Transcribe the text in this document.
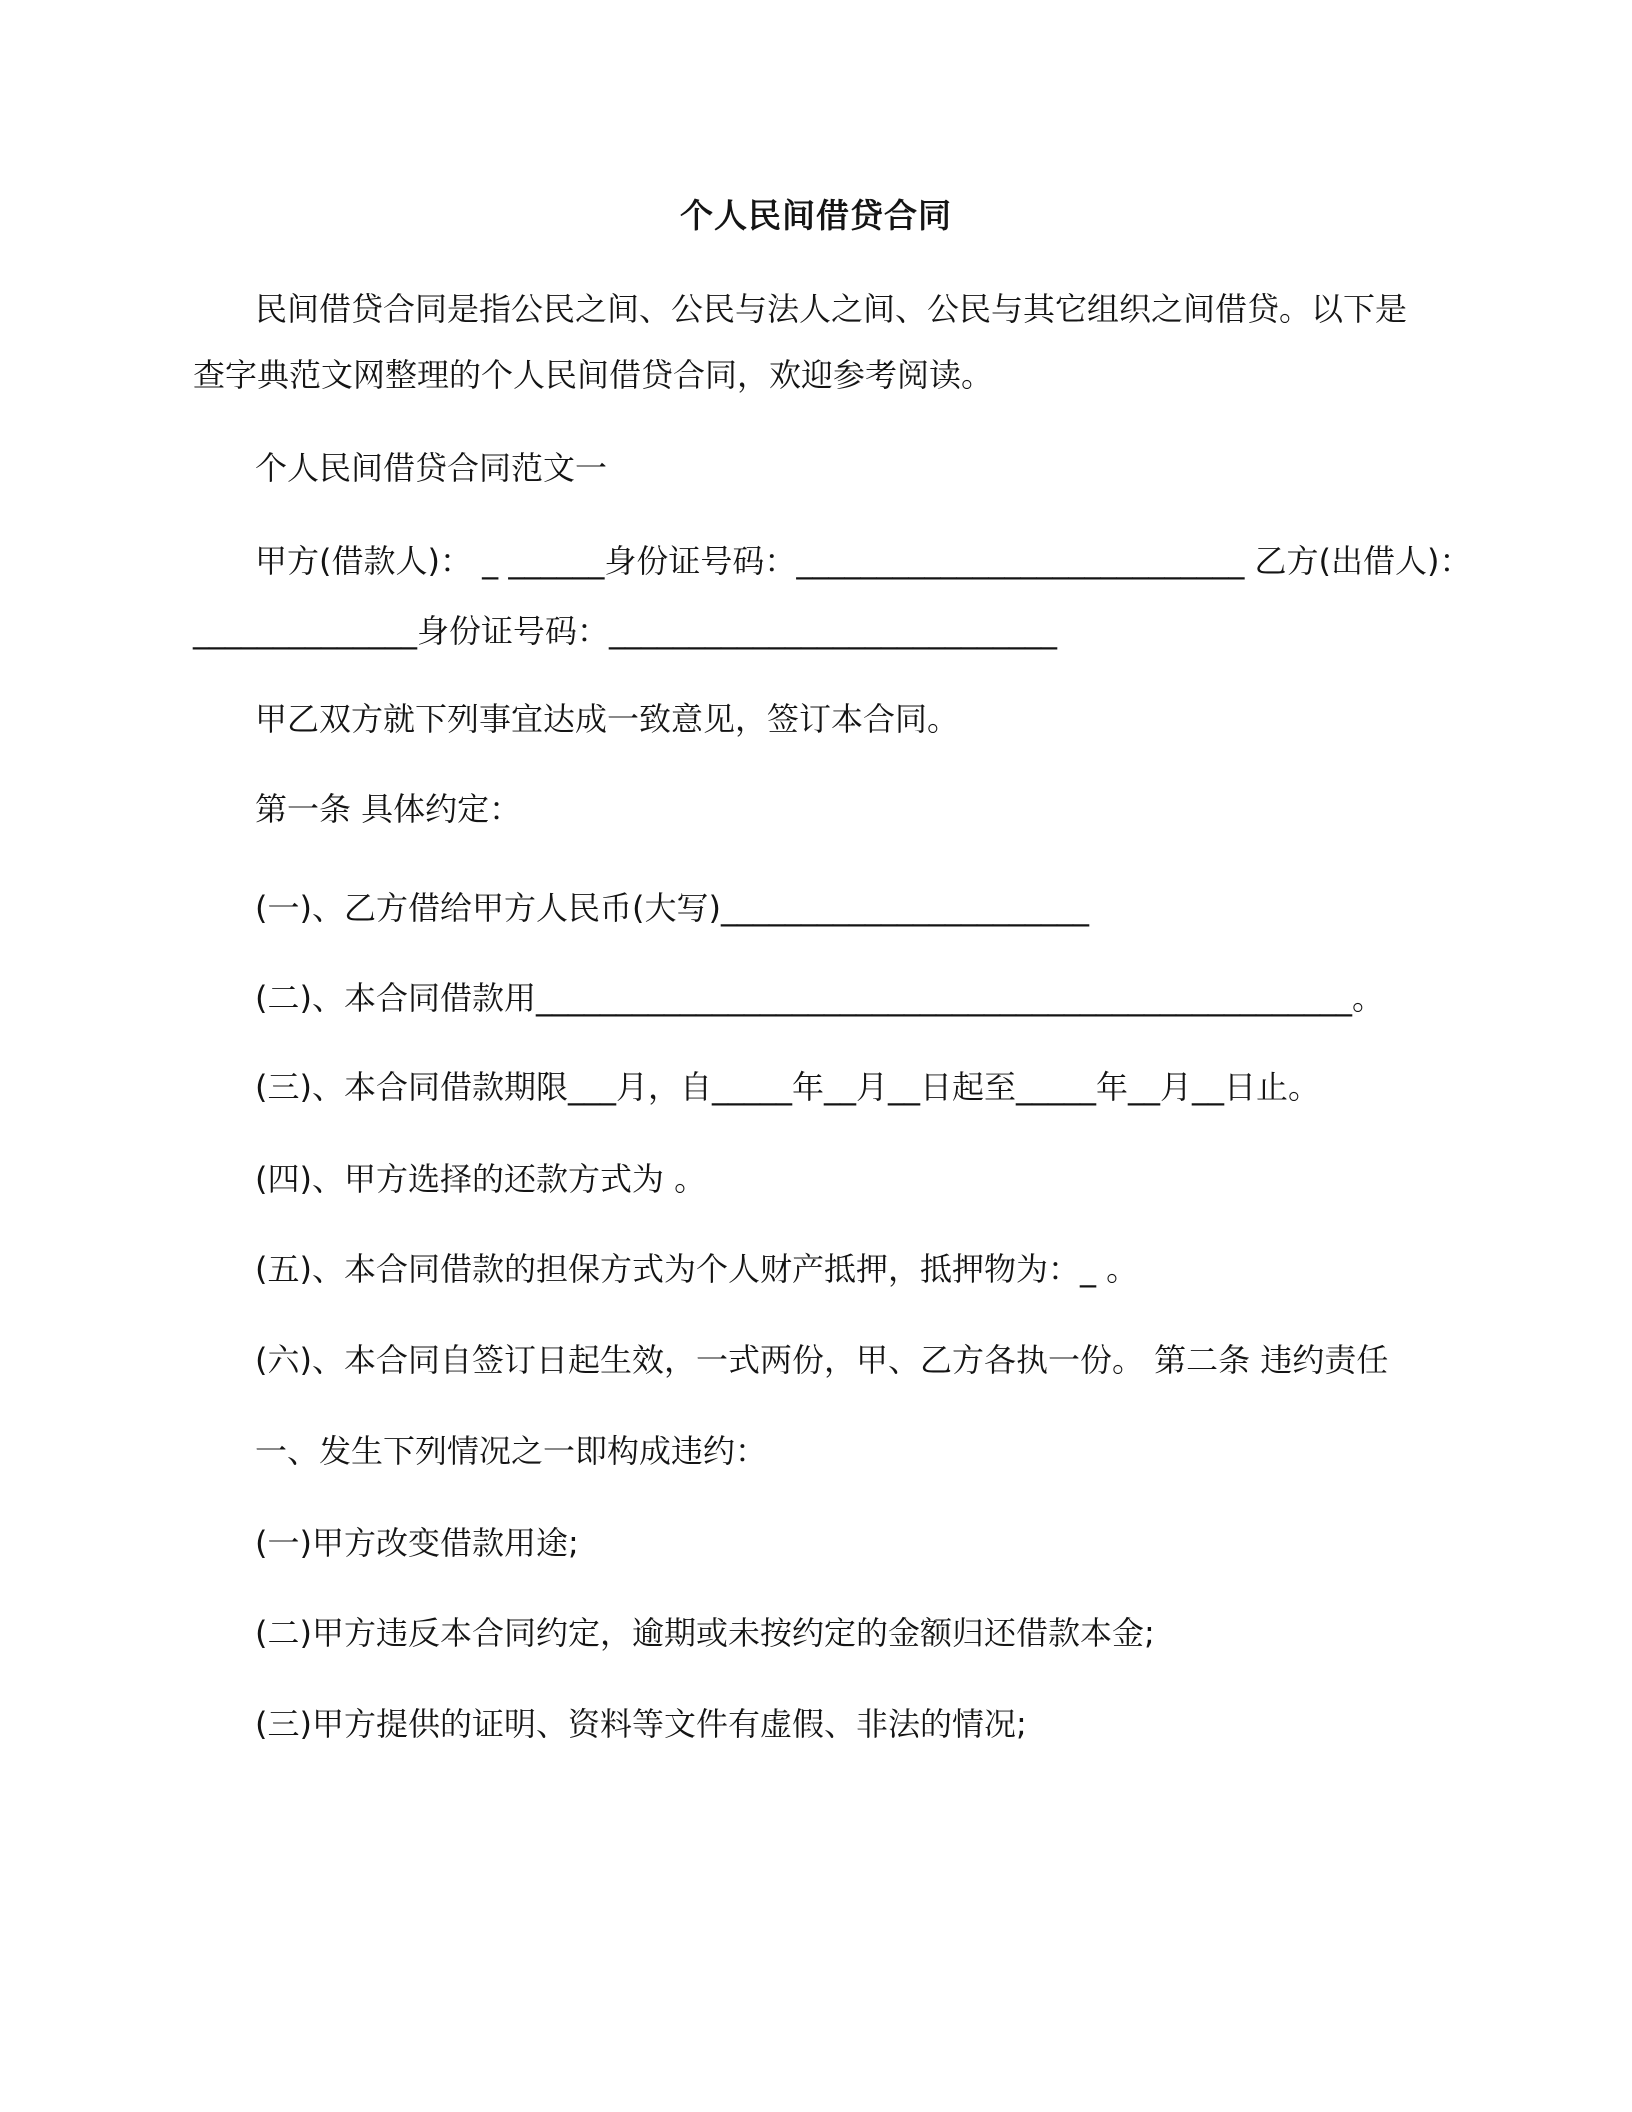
个人民间借贷合同
民间借贷合同是指公民之间、公民与法人之间、公民与其它组织之间借贷。以下是
查字典范文网整理的个人民间借贷合同，欢迎参考阅读。
个人民间借贷合同范文一
甲方(借款人)： _ ______身份证号码：____________________________ 乙方(出借人)：
______________身份证号码：____________________________
甲乙双方就下列事宜达成一致意见，签订本合同。
第一条 具体约定：
(一)、乙方借给甲方人民币(大写)_______________________
(二)、本合同借款用___________________________________________________。
(三)、本合同借款期限___月，自_____年__月__日起至_____年__月__日止。
(四)、甲方选择的还款方式为 。
(五)、本合同借款的担保方式为个人财产抵押，抵押物为：_ 。
(六)、本合同自签订日起生效，一式两份，甲、乙方各执一份。 第二条 违约责任
一、发生下列情况之一即构成违约：
(一)甲方改变借款用途;
(二)甲方违反本合同约定，逾期或未按约定的金额归还借款本金;
(三)甲方提供的证明、资料等文件有虚假、非法的情况;
